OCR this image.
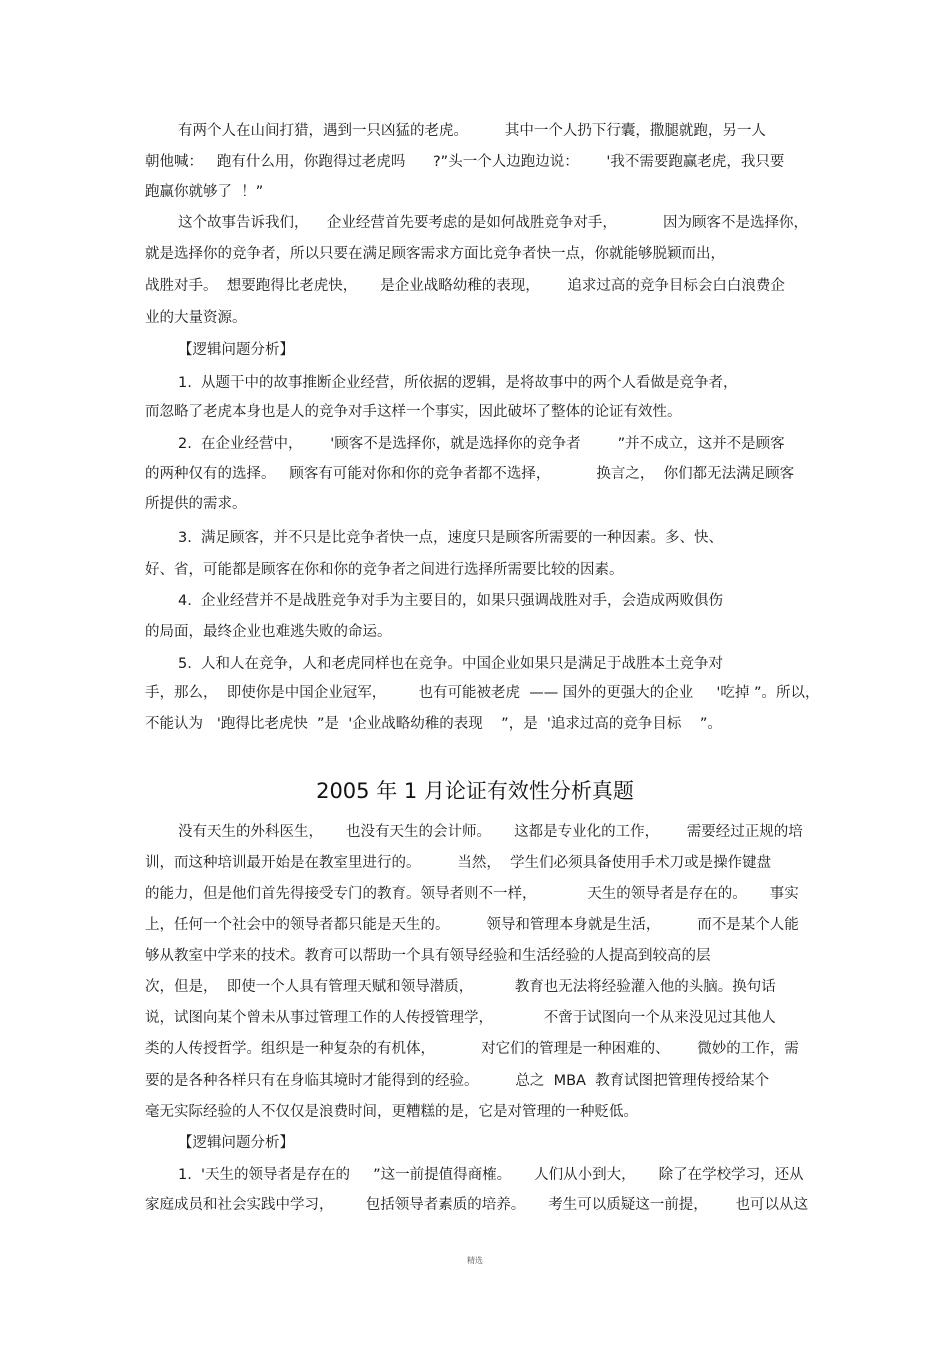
有两个人在山间打猎，遇到一只凶猛的老虎。        其中一个人扔下行囊，撒腿就跑，另一人
朝他喊：   跑有什么用，你跑得过老虎吗      ?”头一个人边跑边说：      '我不需要跑赢老虎，我只要
跑赢你就够了  ！”
这个故事告诉我们，    企业经营首先要考虑的是如何战胜竞争对手，          因为顾客不是选择你，
就是选择你的竞争者，所以只要在满足顾客需求方面比竞争者快一点，你就能够脱颖而出，
战胜对手。  想要跑得比老虎快，     是企业战略幼稚的表现，      追求过高的竞争目标会白白浪费企
业的大量资源。
【逻辑问题分析】
1.  从题干中的故事推断企业经营，所依据的逻辑，是将故事中的两个人看做是竞争者，
而忽略了老虎本身也是人的竞争对手这样一个事实，因此破坏了整体的论证有效性。
2.  在企业经营中，      '顾客不是选择你，就是选择你的竞争者        ”并不成立，这并不是顾客
的两种仅有的选择。   顾客有可能对你和你的竞争者都不选择，          换言之，  你们都无法满足顾客
所提供的需求。
3.  满足顾客，并不只是比竞争者快一点，速度只是顾客所需要的一种因素。多、快、
好、省，可能都是顾客在你和你的竞争者之间进行选择所需要比较的因素。
4.  企业经营并不是战胜竞争对手为主要目的，如果只强调战胜对手，会造成两败俱伤
的局面，最终企业也难逃失败的命运。
5.  人和人在竞争，人和老虎同样也在竞争。中国企业如果只是满足于战胜本土竞争对
手，那么，  即使你是中国企业冠军，       也有可能被老虎  —— 国外的更强大的企业     '吃掉 ”。所以，
不能认为   '跑得比老虎快  ”是  '企业战略幼稚的表现    ”，是  '追求过高的竞争目标    ”。
2005 年 1 月论证有效性分析真题
没有天生的外科医生，     也没有天生的会计师。     这都是专业化的工作，      需要经过正规的培
训，而这种培训最开始是在教室里进行的。        当然，  学生们必须具备使用手术刀或是操作键盘
的能力，但是他们首先得接受专门的教育。领导者则不一样，           天生的领导者是存在的。     事实
上，任何一个社会中的领导者都只能是天生的。        领导和管理本身就是生活，        而不是某个人能
够从教室中学来的技术。教育可以帮助一个具有领导经验和生活经验的人提高到较高的层
次，但是，  即使一个人具有管理天赋和领导潜质，         教育也无法将经验灌入他的头脑。换句话
说，试图向某个曾未从事过管理工作的人传授管理学，           不啻于试图向一个从来没见过其他人
类的人传授哲学。组织是一种复杂的有机体，          对它们的管理是一种困难的、      微妙的工作，需
要的是各种各样只有在身临其境时才能得到的经验。        总之  MBA  教育试图把管理传授给某个
毫无实际经验的人不仅仅是浪费时间，更糟糕的是，它是对管理的一种贬低。
【逻辑问题分析】
1.  '天生的领导者是存在的     ”这一前提值得商榷。     人们从小到大，     除了在学校学习，还从
家庭成员和社会实践中学习，       包括领导者素质的培养。     考生可以质疑这一前提，      也可以从这
精选
